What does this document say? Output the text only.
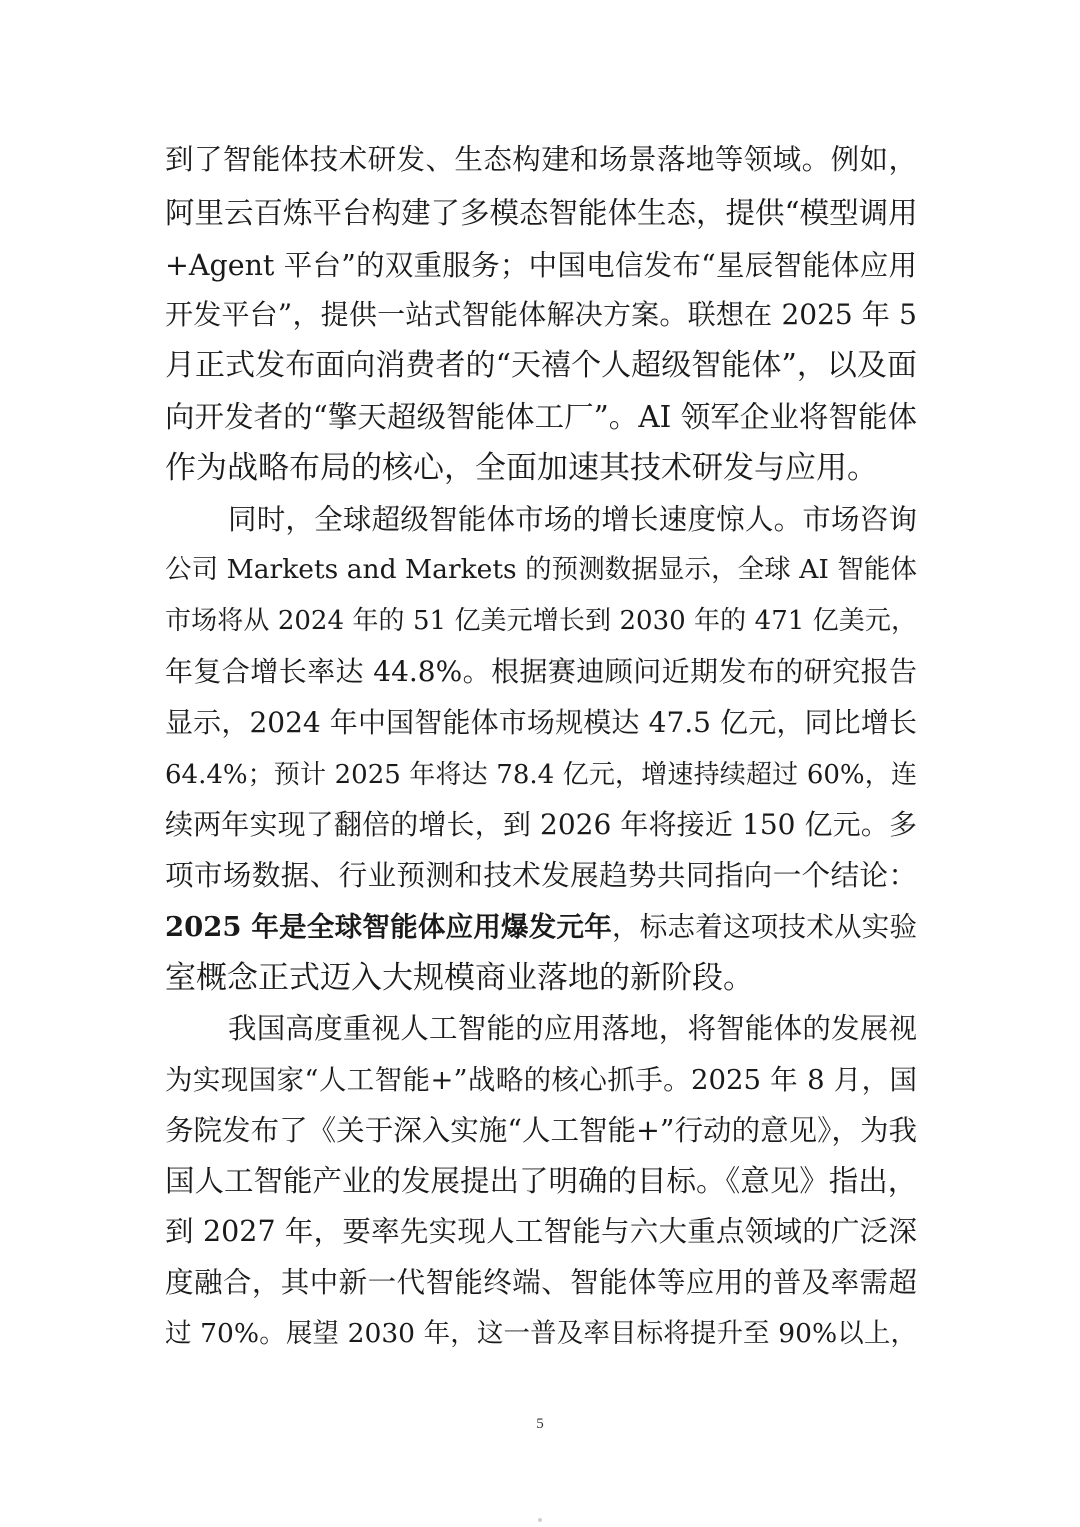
到了智能体技术研发、生态构建和场景落地等领域。例如，
阿里云百炼平台构建了多模态智能体生态，提供“模型调用
+Agent 平台”的双重服务；中国电信发布“星辰智能体应用
开发平台”，提供一站式智能体解决方案。联想在 2025 年 5
月正式发布面向消费者的“天禧个人超级智能体”，以及面
向开发者的“擎天超级智能体工厂”。AI 领军企业将智能体
作为战略布局的核心，全面加速其技术研发与应用。
同时，全球超级智能体市场的增长速度惊人。市场咨询
公司 Markets and Markets 的预测数据显示，全球 AI 智能体
市场将从 2024 年的 51 亿美元增长到 2030 年的 471 亿美元，
年复合增长率达 44.8%。根据赛迪顾问近期发布的研究报告
显示，2024 年中国智能体市场规模达 47.5 亿元，同比增长
64.4%；预计 2025 年将达 78.4 亿元，增速持续超过 60%，连
续两年实现了翻倍的增长，到 2026 年将接近 150 亿元。多
项市场数据、行业预测和技术发展趋势共同指向一个结论：
2025 年是全球智能体应用爆发元年，标志着这项技术从实验
室概念正式迈入大规模商业落地的新阶段。
我国高度重视人工智能的应用落地，将智能体的发展视
为实现国家“人工智能+”战略的核心抓手。2025 年 8 月，国
务院发布了《关于深入实施“人工智能+”行动的意见》，为我
国人工智能产业的发展提出了明确的目标。《意见》指出，
到 2027 年，要率先实现人工智能与六大重点领域的广泛深
度融合，其中新一代智能终端、智能体等应用的普及率需超
过 70%。展望 2030 年，这一普及率目标将提升至 90%以上，
5
